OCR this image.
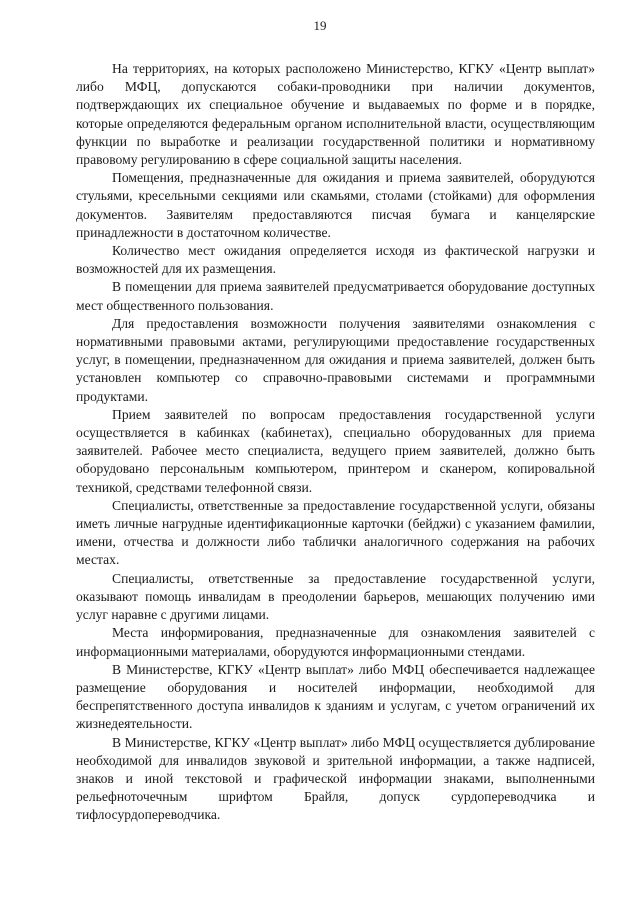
19

На территориях, на которых расположено Министерство, КГКУ «Центр выплат» либо МФЦ, допускаются собаки-проводники при наличии документов, подтверждающих их специальное обучение и выдаваемых по форме и в порядке, которые определяются федеральным органом исполнительной власти, осуществляющим функции по выработке и реализации государственной политики и нормативному правовому регулированию в сфере социальной защиты населения.

Помещения, предназначенные для ожидания и приема заявителей, оборудуются стульями, кресельными секциями или скамьями, столами (стойками) для оформления документов. Заявителям предоставляются писчая бумага и канцелярские принадлежности в достаточном количестве.

Количество мест ожидания определяется исходя из фактической нагрузки и возможностей для их размещения.

В помещении для приема заявителей предусматривается оборудование доступных мест общественного пользования.

Для предоставления возможности получения заявителями ознакомления с нормативными правовыми актами, регулирующими предоставление государственных услуг, в помещении, предназначенном для ожидания и приема заявителей, должен быть установлен компьютер со справочно-правовыми системами и программными продуктами.

Прием заявителей по вопросам предоставления государственной услуги осуществляется в кабинках (кабинетах), специально оборудованных для приема заявителей. Рабочее место специалиста, ведущего прием заявителей, должно быть оборудовано персональным компьютером, принтером и сканером, копировальной техникой, средствами телефонной связи.

Специалисты, ответственные за предоставление государственной услуги, обязаны иметь личные нагрудные идентификационные карточки (бейджи) с указанием фамилии, имени, отчества и должности либо таблички аналогичного содержания на рабочих местах.

Специалисты, ответственные за предоставление государственной услуги, оказывают помощь инвалидам в преодолении барьеров, мешающих получению ими услуг наравне с другими лицами.

Места информирования, предназначенные для ознакомления заявителей с информационными материалами, оборудуются информационными стендами.

В Министерстве, КГКУ «Центр выплат» либо МФЦ обеспечивается надлежащее размещение оборудования и носителей информации, необходимой для беспрепятственного доступа инвалидов к зданиям и услугам, с учетом ограничений их жизнедеятельности.

В Министерстве, КГКУ «Центр выплат» либо МФЦ осуществляется дублирование необходимой для инвалидов звуковой и зрительной информации, а также надписей, знаков и иной текстовой и графической информации знаками, выполненными рельефноточечным шрифтом Брайля, допуск сурдопереводчика и тифлосурдопереводчика.
